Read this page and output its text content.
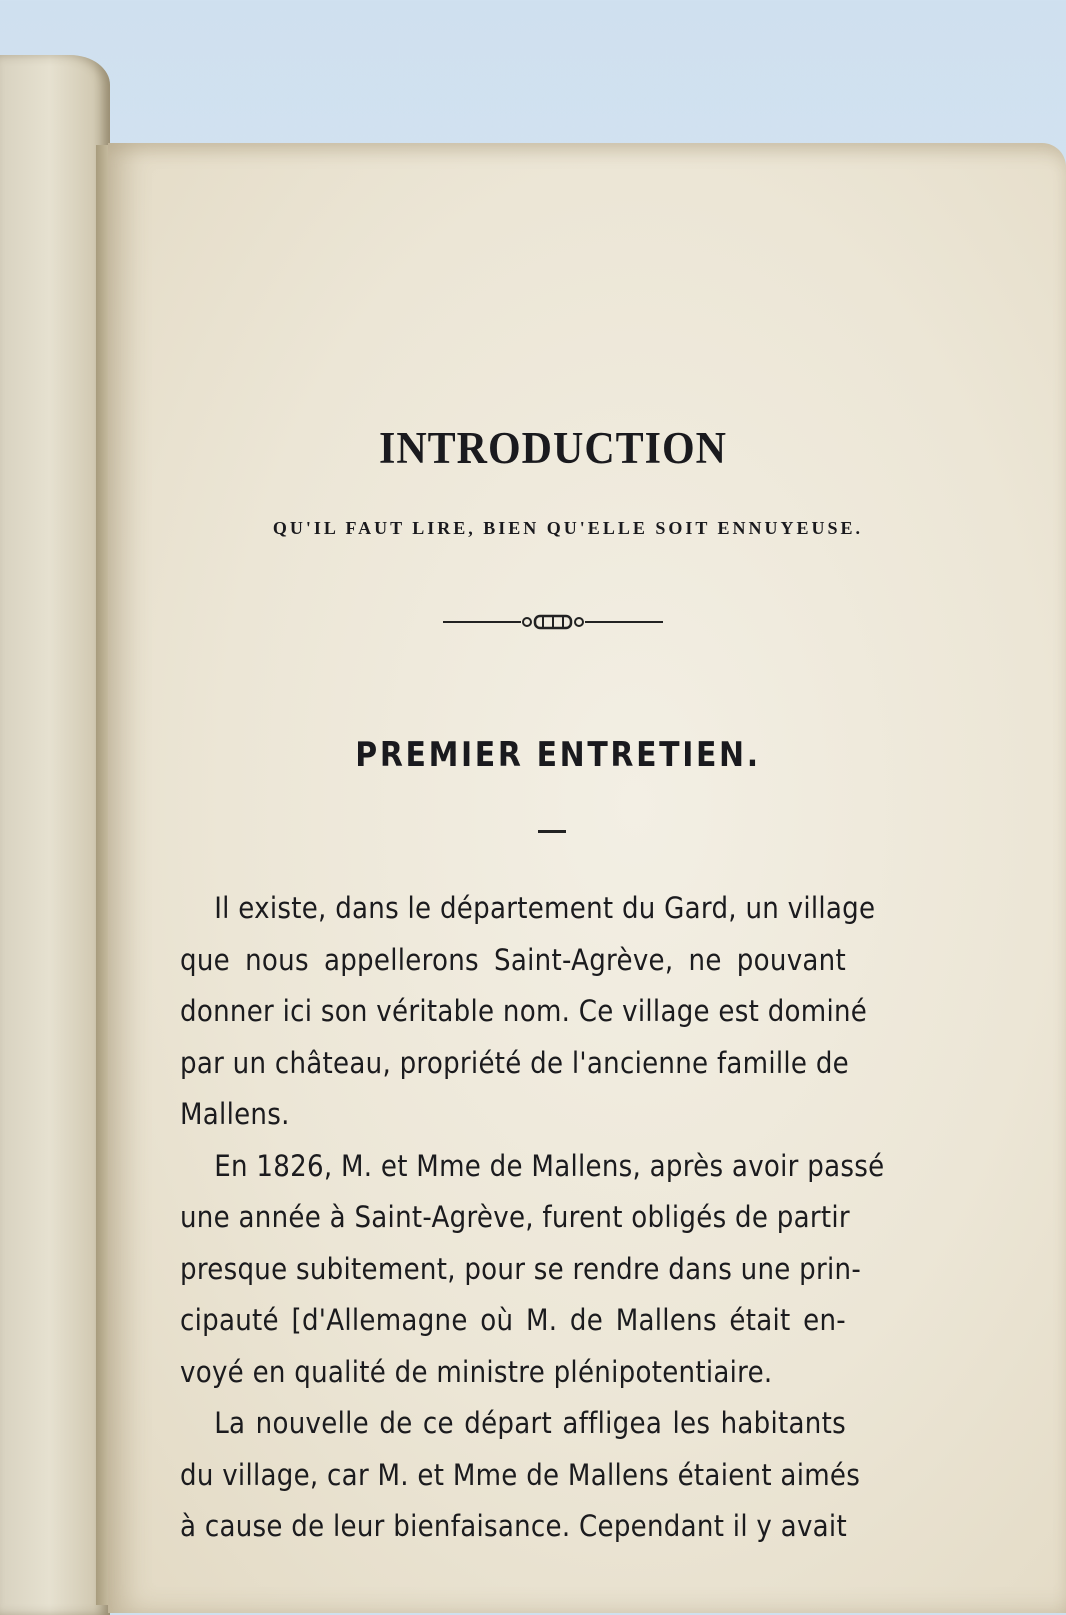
INTRODUCTION
QU'IL FAUT LIRE, BIEN QU'ELLE SOIT ENNUYEUSE.
PREMIER ENTRETIEN.

Il existe, dans le département du Gard, un village
que nous appellerons Saint-Agrève, ne pouvant
donner ici son véritable nom. Ce village est dominé
par un château, propriété de l'ancienne famille de
Mallens.

En 1826, M. et Mme de Mallens, après avoir passé
une année à Saint-Agrève, furent obligés de partir
presque subitement, pour se rendre dans une prin-
cipauté [d'Allemagne où M. de Mallens était en-
voyé en qualité de ministre plénipotentiaire.

La nouvelle de ce départ affligea les habitants
du village, car M. et Mme de Mallens étaient aimés
à cause de leur bienfaisance. Cependant il y avait
